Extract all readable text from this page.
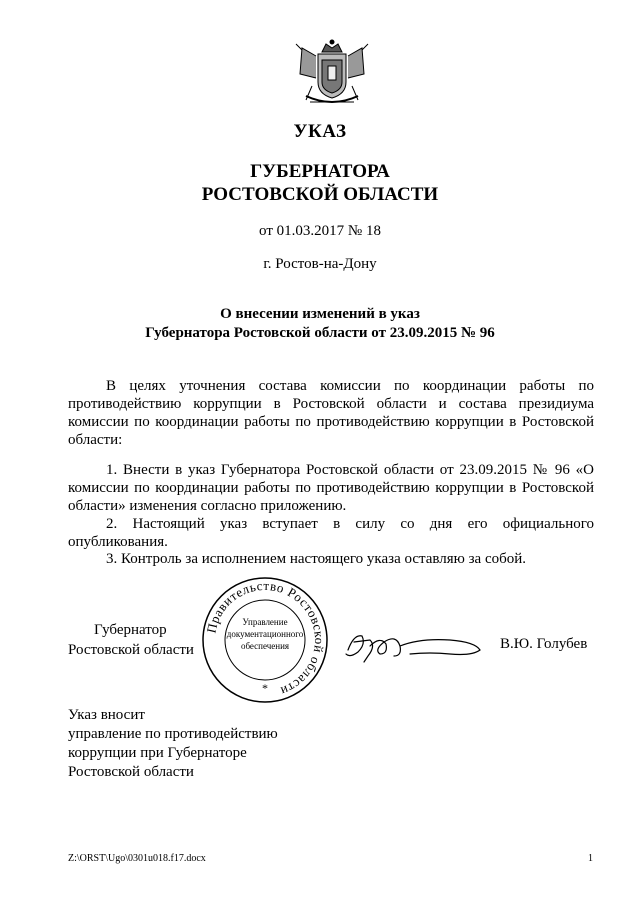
УКАЗ
ГУБЕРНАТОРА
РОСТОВСКОЙ ОБЛАСТИ
от 01.03.2017 № 18
г. Ростов-на-Дону
О внесении изменений в указ
Губернатора Ростовской области от 23.09.2015 № 96

В целях уточнения состава комиссии по координации работы по противодействию коррупции в Ростовской области и состава президиума комиссии по координации работы по противодействию коррупции в Ростовской области:

1. Внести в указ Губернатора Ростовской области от 23.09.2015 № 96 «О комиссии по координации работы по противодействию коррупции в Ростовской области» изменения согласно приложению.

2. Настоящий указ вступает в силу со дня его официального опубликования.

3. Контроль за исполнением настоящего указа оставляю за собой.

Правительство Ростовской области
Управление
документационного
обеспечения
*
Губернатор
Ростовской области	В.Ю. Голубев
Указ вносит
управление по противодействию
коррупции при Губернаторе
Ростовской области
Z:\ORST\Ugo\0301u018.f17.docx	1
